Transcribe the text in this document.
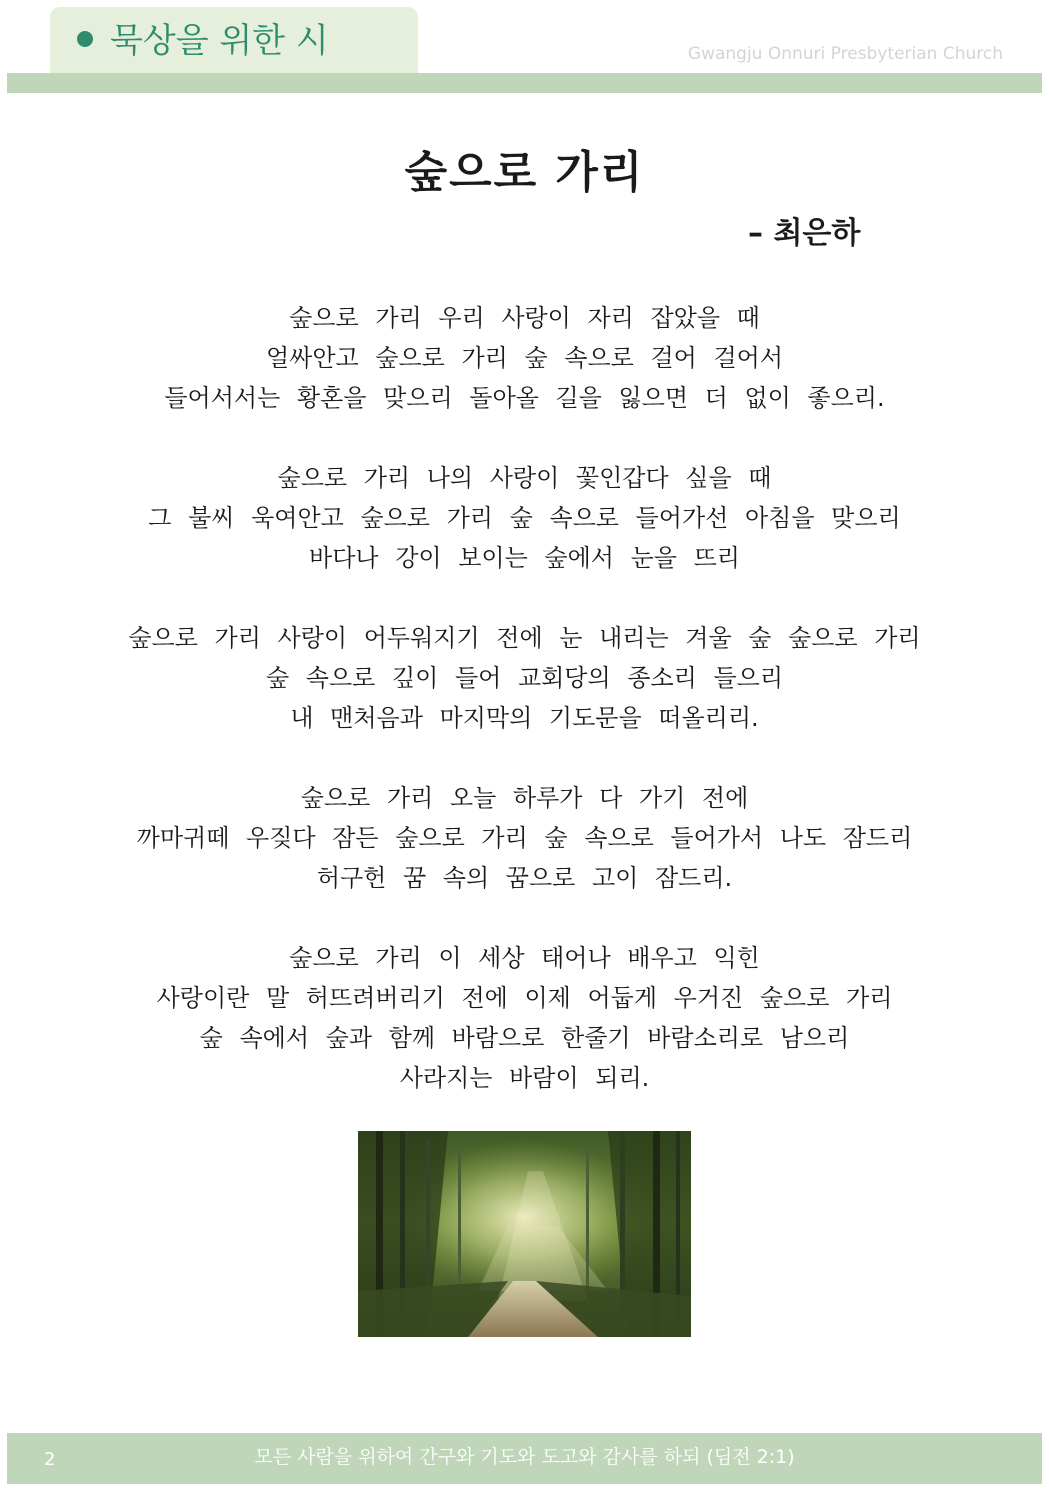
묵상을 위한 시	Gwangju Onnuri Presbyterian Church
숲으로 가리
– 최은하
숲으로 가리 우리 사랑이 자리 잡았을 때
얼싸안고 숲으로 가리 숲 속으로 걸어 걸어서
들어서서는 황혼을 맞으리 돌아올 길을 잃으면 더 없이 좋으리.
숲으로 가리 나의 사랑이 꽃인갑다 싶을 때
그 불씨 욱여안고 숲으로 가리 숲 속으로 들어가선 아침을 맞으리
바다나 강이 보이는 숲에서 눈을 뜨리
숲으로 가리 사랑이 어두워지기 전에 눈 내리는 겨울 숲 숲으로 가리
숲 속으로 깊이 들어 교회당의 종소리 들으리
내 맨처음과 마지막의 기도문을 떠올리리.
숲으로 가리 오늘 하루가 다 가기 전에
까마귀떼 우짖다 잠든 숲으로 가리 숲 속으로 들어가서 나도 잠드리
허구헌 꿈 속의 꿈으로 고이 잠드리.
숲으로 가리 이 세상 태어나 배우고 익힌
사랑이란 말 허뜨려버리기 전에 이제 어둡게 우거진 숲으로 가리
숲 속에서 숲과 함께 바람으로 한줄기 바람소리로 남으리
사라지는 바람이 되리.
2	모든 사람을 위하여 간구와 기도와 도고와 감사를 하되 (딤전 2:1)
